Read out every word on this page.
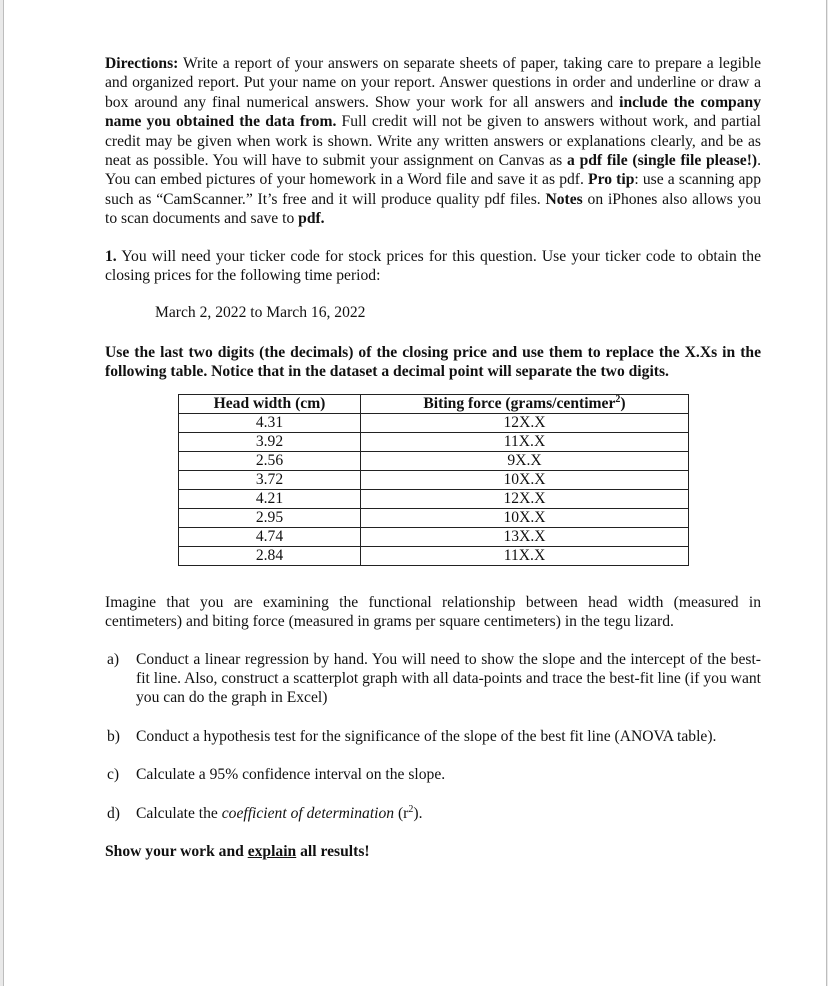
Directions: Write a report of your answers on separate sheets of paper, taking care to prepare a legible and organized report. Put your name on your report. Answer questions in order and underline or draw a box around any final numerical answers. Show your work for all answers and include the company name you obtained the data from. Full credit will not be given to answers without work, and partial credit may be given when work is shown. Write any written answers or explanations clearly, and be as neat as possible. You will have to submit your assignment on Canvas as a pdf file (single file please!). You can embed pictures of your homework in a Word file and save it as pdf. Pro tip: use a scanning app such as “CamScanner.” It’s free and it will produce quality pdf files. Notes on iPhones also allows you to scan documents and save to pdf.

1. You will need your ticker code for stock prices for this question. Use your ticker code to obtain the closing prices for the following time period:

March 2, 2022 to March 16, 2022

Use the last two digits (the decimals) of the closing price and use them to replace the X.Xs in the following table. Notice that in the dataset a decimal point will separate the two digits.

Head width (cm)	Biting force (grams/centimer$^2$)
4.31	12X.X
3.92	11X.X
2.56	9X.X
3.72	10X.X
4.21	12X.X
2.95	10X.X
4.74	13X.X
2.84	11X.X

Imagine that you are examining the functional relationship between head width (measured in centimeters) and biting force (measured in grams per square centimeters) in the tegu lizard.

a)	Conduct a linear regression by hand. You will need to show the slope and the intercept of the best-fit line. Also, construct a scatterplot graph with all data-points and trace the best-fit line (if you want you can do the graph in Excel)
b)	Conduct a hypothesis test for the significance of the slope of the best fit line (ANOVA table).
c)	Calculate a 95% confidence interval on the slope.
d)	Calculate the coefficient of determination $(r^2)$.

Show your work and explain all results!
